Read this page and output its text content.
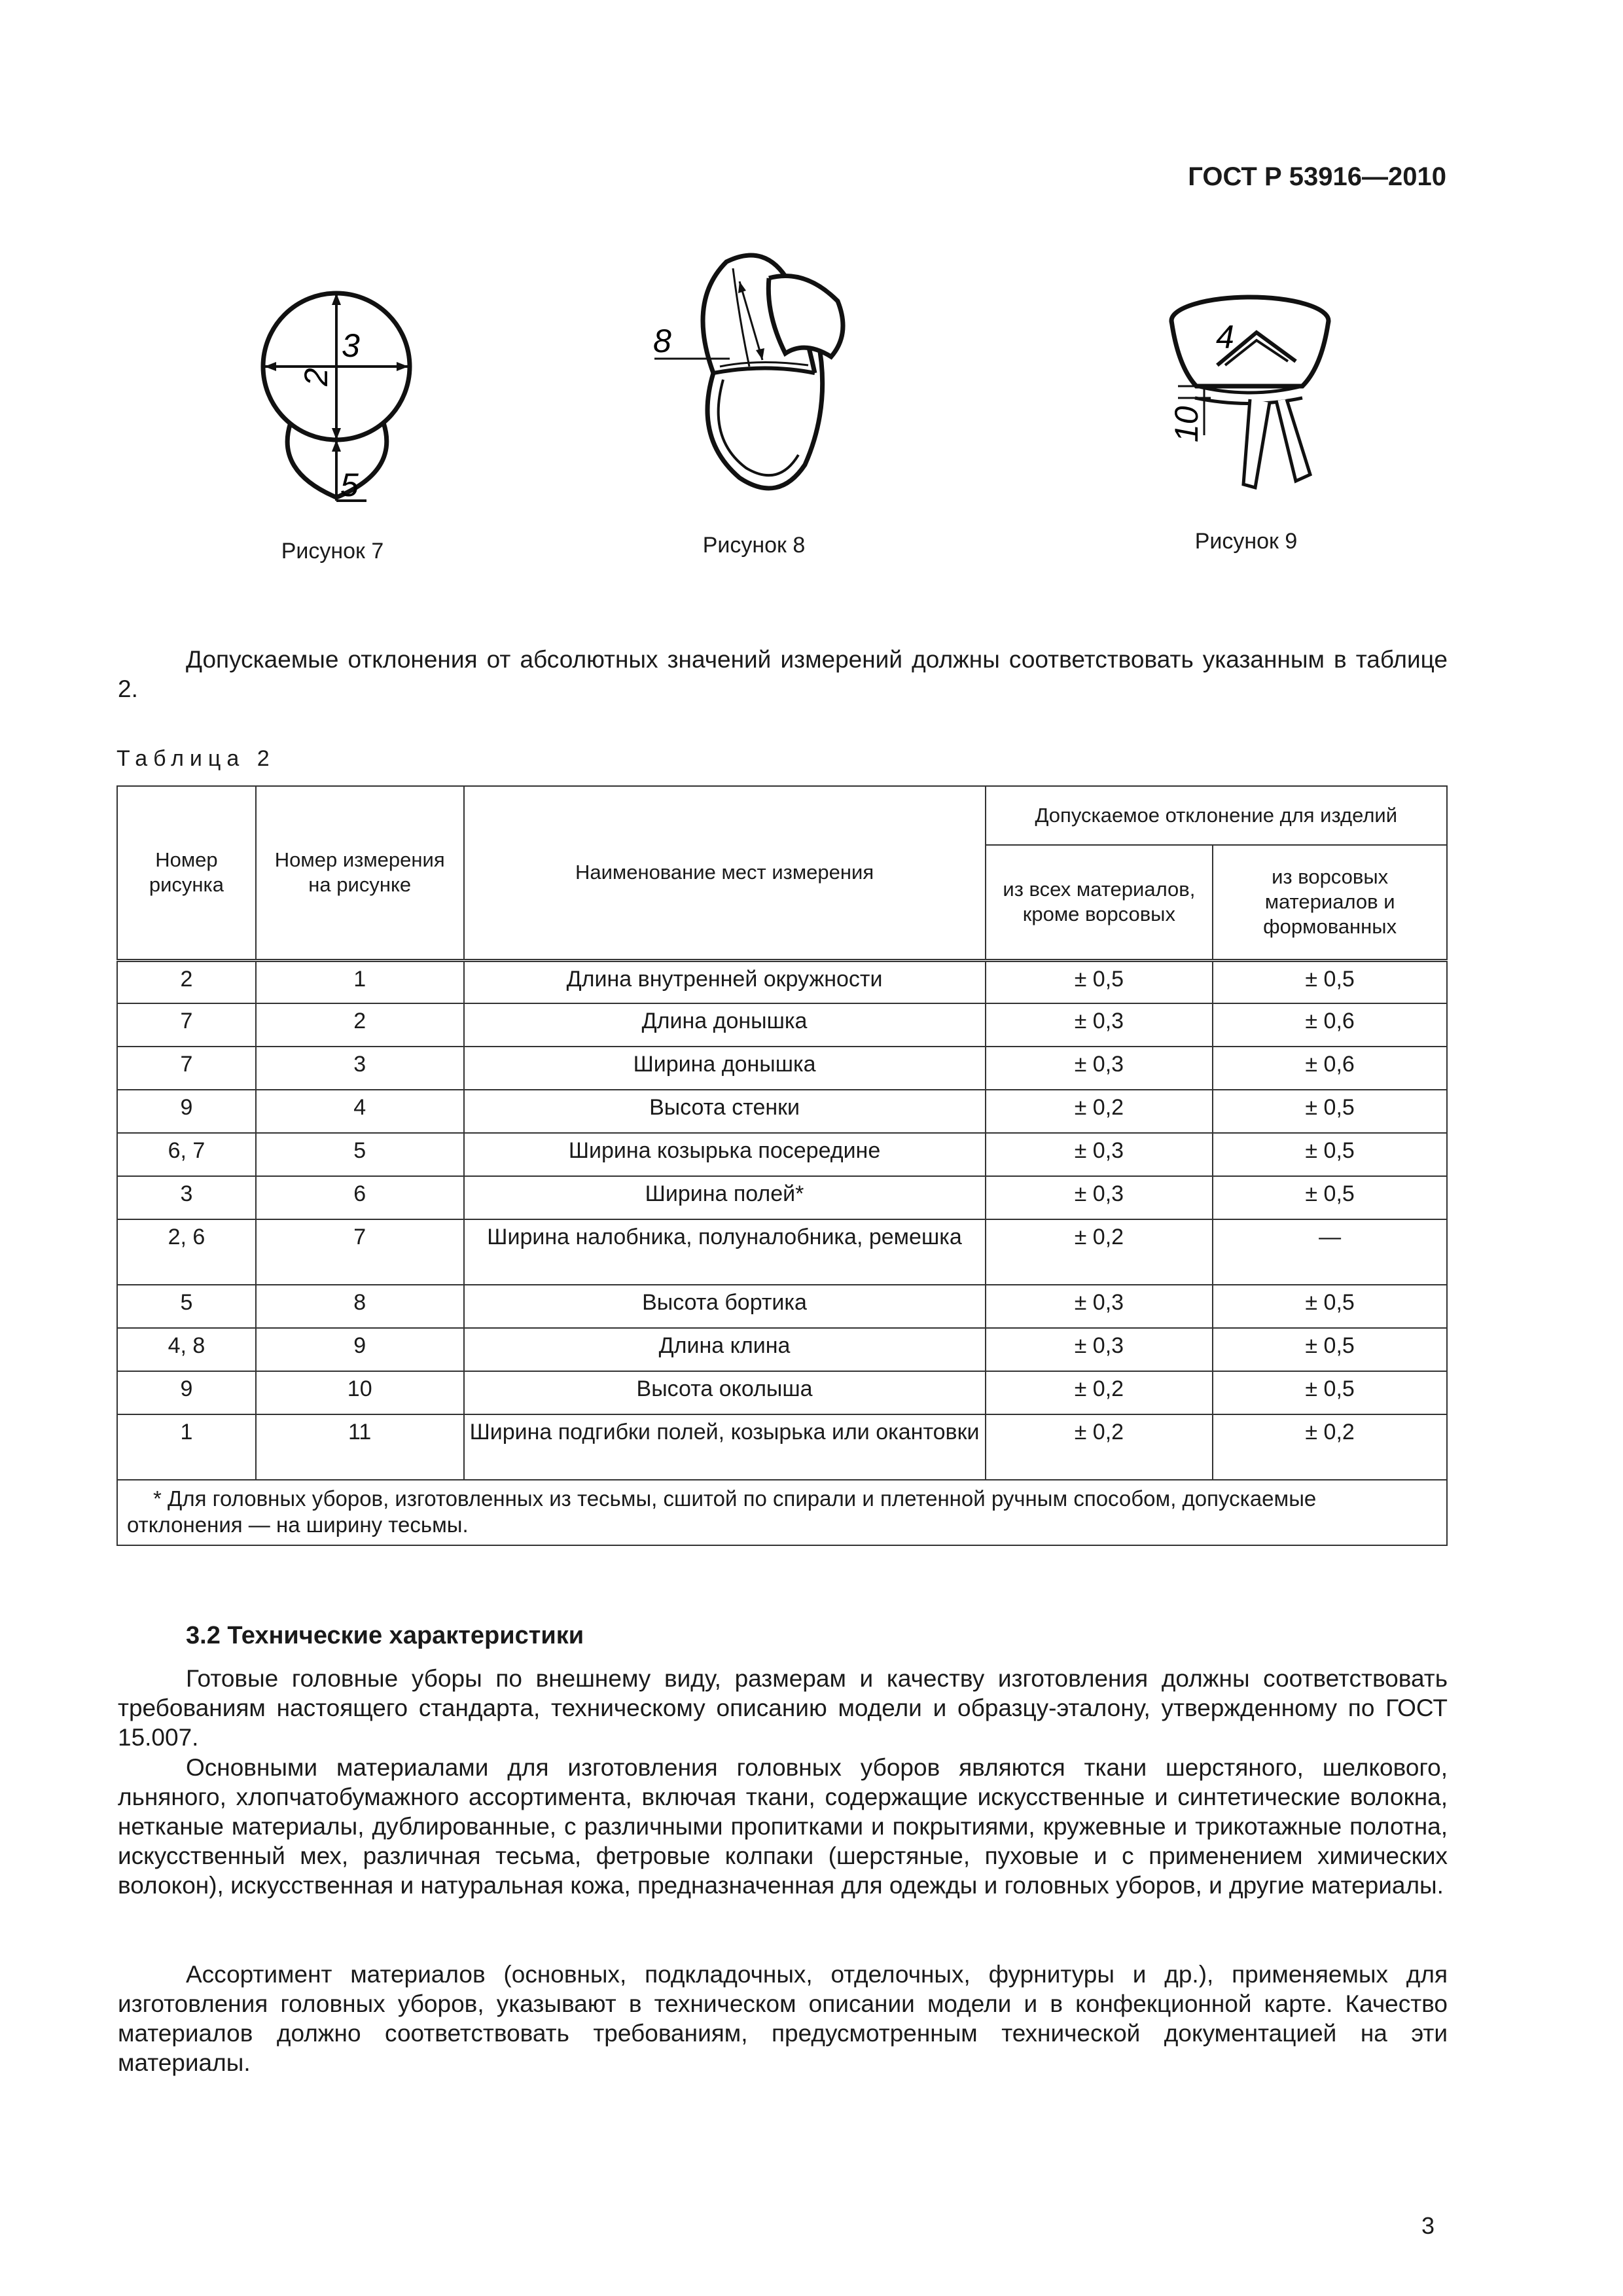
ГОСТ Р 53916—2010
3
2
5
Рисунок 7
8
Рисунок 8
10
4
Рисунок 9

Допускаемые отклонения от абсолютных значений измерений должны соответствовать указанным в таблице 2.

Таблица 2
Номер рисунка	Номер измерения на рисунке	Наименование мест измерения	Допускаемое отклонение для изделий	
			из всех материалов, кроме ворсовых	из ворсовых материалов и формованных
2	1	Длина внутренней окружности	± 0,5	± 0,5
7	2	Длина донышка	± 0,3	± 0,6
7	3	Ширина донышка	± 0,3	± 0,6
9	4	Высота стенки	± 0,2	± 0,5
6, 7	5	Ширина козырька посередине	± 0,3	± 0,5
3	6	Ширина полей*	± 0,3	± 0,5
2, 6	7	Ширина налобника, полуналобника, ремешка	± 0,2	—
5	8	Высота бортика	± 0,3	± 0,5
4, 8	9	Длина клина	± 0,3	± 0,5
9	10	Высота околыша	± 0,2	± 0,5
1	11	Ширина подгибки полей, козырька или окантовки	± 0,2	± 0,2
* Для головных уборов, изготовленных из тесьмы, сшитой по спирали и плетенной ручным способом, допускаемые отклонения — на ширину тесьмы.				
3.2 Технические характеристики

Готовые головные уборы по внешнему виду, размерам и качеству изготовления должны соответствовать требованиям настоящего стандарта, техническому описанию модели и образцу-эталону, утвержденному по ГОСТ 15.007.

Основными материалами для изготовления головных уборов являются ткани шерстяного, шелкового, льняного, хлопчатобумажного ассортимента, включая ткани, содержащие искусственные и синтетические волокна, нетканые материалы, дублированные, с различными пропитками и покрытиями, кружевные и трикотажные полотна, искусственный мех, различная тесьма, фетровые колпаки (шерстяные, пуховые и с применением химических волокон), искусственная и натуральная кожа, предназначенная для одежды и головных уборов, и другие материалы.

Ассортимент материалов (основных, подкладочных, отделочных, фурнитуры и др.), применяемых для изготовления головных уборов, указывают в техническом описании модели и в конфекционной карте. Качество материалов должно соответствовать требованиям, предусмотренным технической документацией на эти материалы.

3
